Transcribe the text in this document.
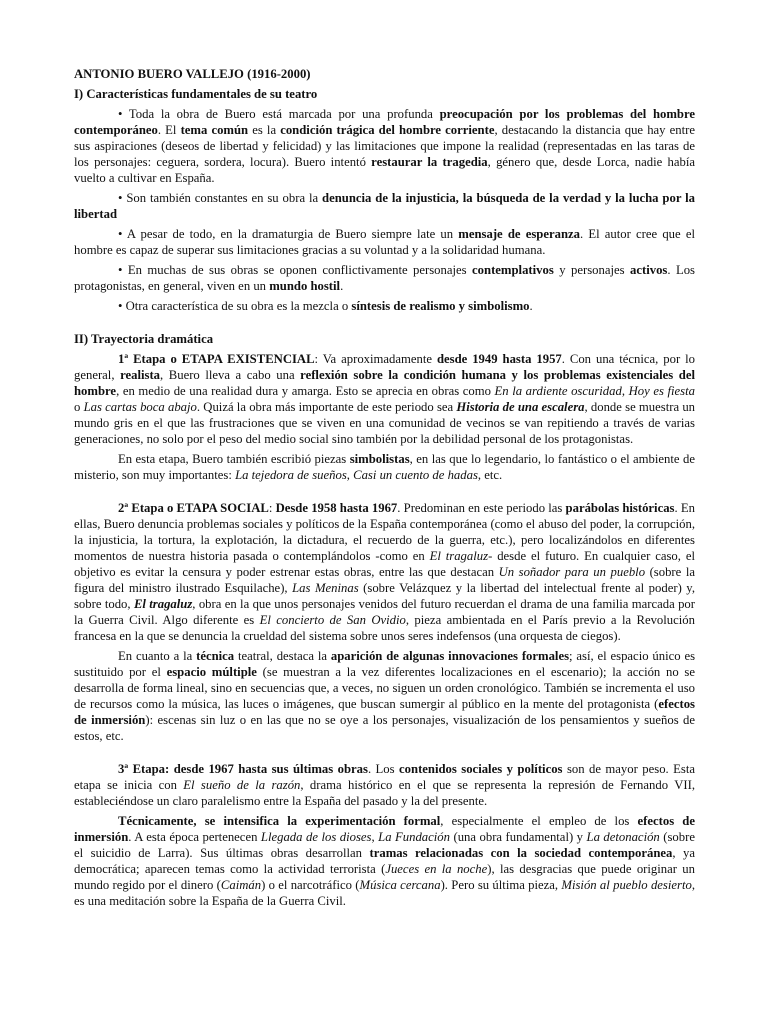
ANTONIO BUERO VALLEJO (1916-2000)
I) Características fundamentales de su teatro

• Toda la obra de Buero está marcada por una profunda preocupación por los problemas del hombre contemporáneo. El tema común es la condición trágica del hombre corriente, destacando la distancia que hay entre sus aspiraciones (deseos de libertad y felicidad) y las limitaciones que impone la realidad (representadas en las taras de los personajes: ceguera, sordera, locura). Buero intentó restaurar la tragedia, género que, desde Lorca, nadie había vuelto a cultivar en España.

• Son también constantes en su obra la denuncia de la injusticia, la búsqueda de la verdad y la lucha por la libertad

• A pesar de todo, en la dramaturgia de Buero siempre late un mensaje de esperanza. El autor cree que el hombre es capaz de superar sus limitaciones gracias a su voluntad y a la solidaridad humana.

• En muchas de sus obras se oponen conflictivamente personajes contemplativos y personajes activos. Los protagonistas, en general, viven en un mundo hostil.

• Otra característica de su obra es la mezcla o síntesis de realismo y simbolismo.

II) Trayectoria dramática

1ª Etapa o ETAPA EXISTENCIAL: Va aproximadamente desde 1949 hasta 1957. Con una técnica, por lo general, realista, Buero lleva a cabo una reflexión sobre la condición humana y los problemas existenciales del hombre, en medio de una realidad dura y amarga. Esto se aprecia en obras como En la ardiente oscuridad, Hoy es fiesta o Las cartas boca abajo. Quizá la obra más importante de este periodo sea Historia de una escalera, donde se muestra un mundo gris en el que las frustraciones que se viven en una comunidad de vecinos se van repitiendo a través de varias generaciones, no solo por el peso del medio social sino también por la debilidad personal de los protagonistas.

En esta etapa, Buero también escribió piezas simbolistas, en las que lo legendario, lo fantástico o el ambiente de misterio, son muy importantes: La tejedora de sueños, Casi un cuento de hadas, etc.

2ª Etapa o ETAPA SOCIAL: Desde 1958 hasta 1967. Predominan en este periodo las parábolas históricas. En ellas, Buero denuncia problemas sociales y políticos de la España contemporánea (como el abuso del poder, la corrupción, la injusticia, la tortura, la explotación, la dictadura, el recuerdo de la guerra, etc.), pero localizándolos en diferentes momentos de nuestra historia pasada o contemplándolos -como en El tragaluz- desde el futuro. En cualquier caso, el objetivo es evitar la censura y poder estrenar estas obras, entre las que destacan Un soñador para un pueblo (sobre la figura del ministro ilustrado Esquilache), Las Meninas (sobre Velázquez y la libertad del intelectual frente al poder) y, sobre todo, El tragaluz, obra en la que unos personajes venidos del futuro recuerdan el drama de una familia marcada por la Guerra Civil. Algo diferente es El concierto de San Ovidio, pieza ambientada en el París previo a la Revolución francesa en la que se denuncia la crueldad del sistema sobre unos seres indefensos (una orquesta de ciegos).

En cuanto a la técnica teatral, destaca la aparición de algunas innovaciones formales; así, el espacio único es sustituido por el espacio múltiple (se muestran a la vez diferentes localizaciones en el escenario); la acción no se desarrolla de forma lineal, sino en secuencias que, a veces, no siguen un orden cronológico. También se incrementa el uso de recursos como la música, las luces o imágenes, que buscan sumergir al público en la mente del protagonista (efectos de inmersión): escenas sin luz o en las que no se oye a los personajes, visualización de los pensamientos y sueños de estos, etc.

3ª Etapa: desde 1967 hasta sus últimas obras. Los contenidos sociales y políticos son de mayor peso. Esta etapa se inicia con El sueño de la razón, drama histórico en el que se representa la represión de Fernando VII, estableciéndose un claro paralelismo entre la España del pasado y la del presente.

Técnicamente, se intensifica la experimentación formal, especialmente el empleo de los efectos de inmersión. A esta época pertenecen Llegada de los dioses, La Fundación (una obra fundamental) y La detonación (sobre el suicidio de Larra). Sus últimas obras desarrollan tramas relacionadas con la sociedad contemporánea, ya democrática; aparecen temas como la actividad terrorista (Jueces en la noche), las desgracias que puede originar un mundo regido por el dinero (Caimán) o el narcotráfico (Música cercana). Pero su última pieza, Misión al pueblo desierto, es una meditación sobre la España de la Guerra Civil.
